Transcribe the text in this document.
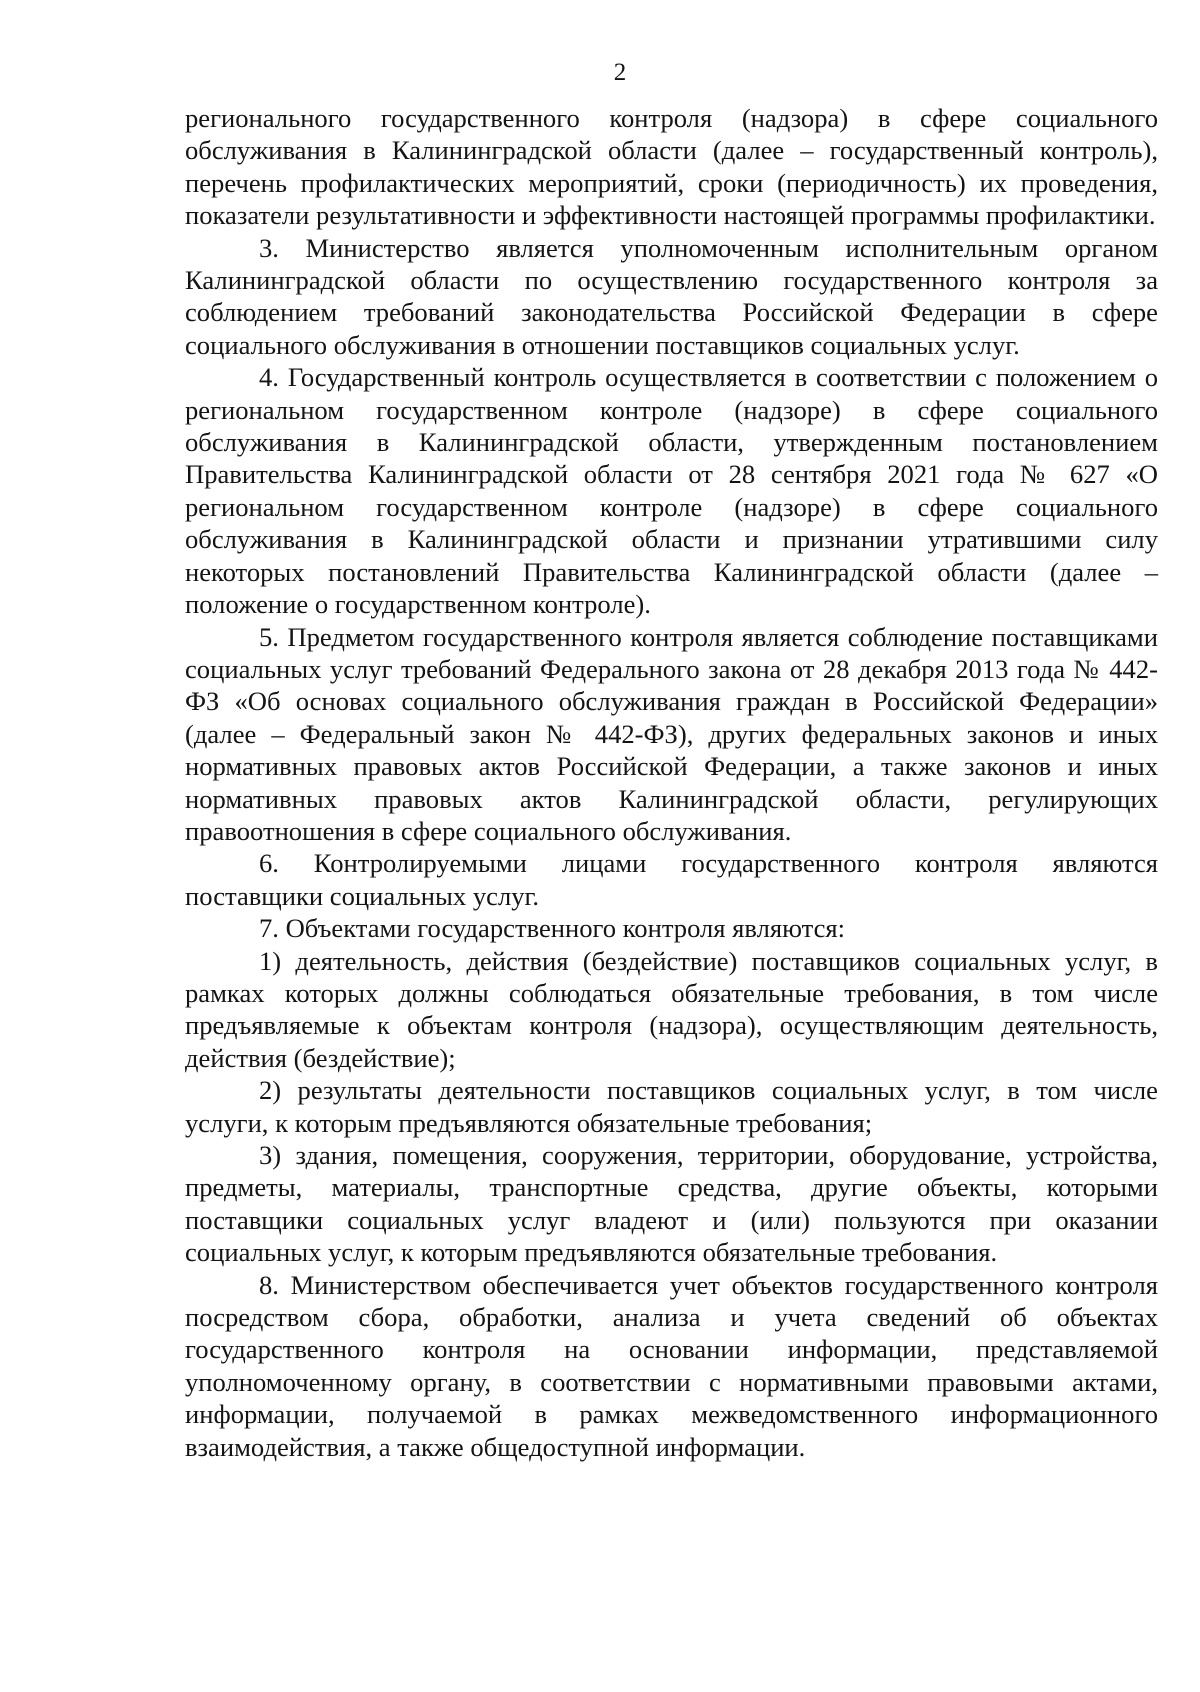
2

регионального государственного контроля (надзора) в сфере социального обслуживания в Калининградской области (далее – государственный контроль), перечень профилактических мероприятий, сроки (периодичность) их проведения, показатели результативности и эффективности настоящей программы профилактики.

3. Министерство является уполномоченным исполнительным органом Калининградской области по осуществлению государственного контроля за соблюдением требований законодательства Российской Федерации в сфере социального обслуживания в отношении поставщиков социальных услуг.

4. Государственный контроль осуществляется в соответствии с положением о региональном государственном контроле (надзоре) в сфере социального обслуживания в Калининградской области, утвержденным постановлением Правительства Калининградской области от 28 сентября 2021 года № 627 «О региональном государственном контроле (надзоре) в сфере социального обслуживания в Калининградской области и признании утратившими силу некоторых постановлений Правительства Калининградской области (далее – положение о государственном контроле).

5. Предметом государственного контроля является соблюдение поставщиками социальных услуг требований Федерального закона от 28 декабря 2013 года № 442-ФЗ «Об основах социального обслуживания граждан в Российской Федерации» (далее – Федеральный закон № 442-ФЗ), других федеральных законов и иных нормативных правовых актов Российской Федерации, а также законов и иных нормативных правовых актов Калининградской области, регулирующих правоотношения в сфере социального обслуживания.

6. Контролируемыми лицами государственного контроля являются поставщики социальных услуг.

7. Объектами государственного контроля являются:

1) деятельность, действия (бездействие) поставщиков социальных услуг, в рамках которых должны соблюдаться обязательные требования, в том числе предъявляемые к объектам контроля (надзора), осуществляющим деятельность, действия (бездействие);

2) результаты деятельности поставщиков социальных услуг, в том числе услуги, к которым предъявляются обязательные требования;

3) здания, помещения, сооружения, территории, оборудование, устройства, предметы, материалы, транспортные средства, другие объекты, которыми поставщики социальных услуг владеют и (или) пользуются при оказании социальных услуг, к которым предъявляются обязательные требования.

8. Министерством обеспечивается учет объектов государственного контроля посредством сбора, обработки, анализа и учета сведений об объектах государственного контроля на основании информации, представляемой уполномоченному органу, в соответствии с нормативными правовыми актами, информации, получаемой в рамках межведомственного информационного взаимодействия, а также общедоступной информации.
